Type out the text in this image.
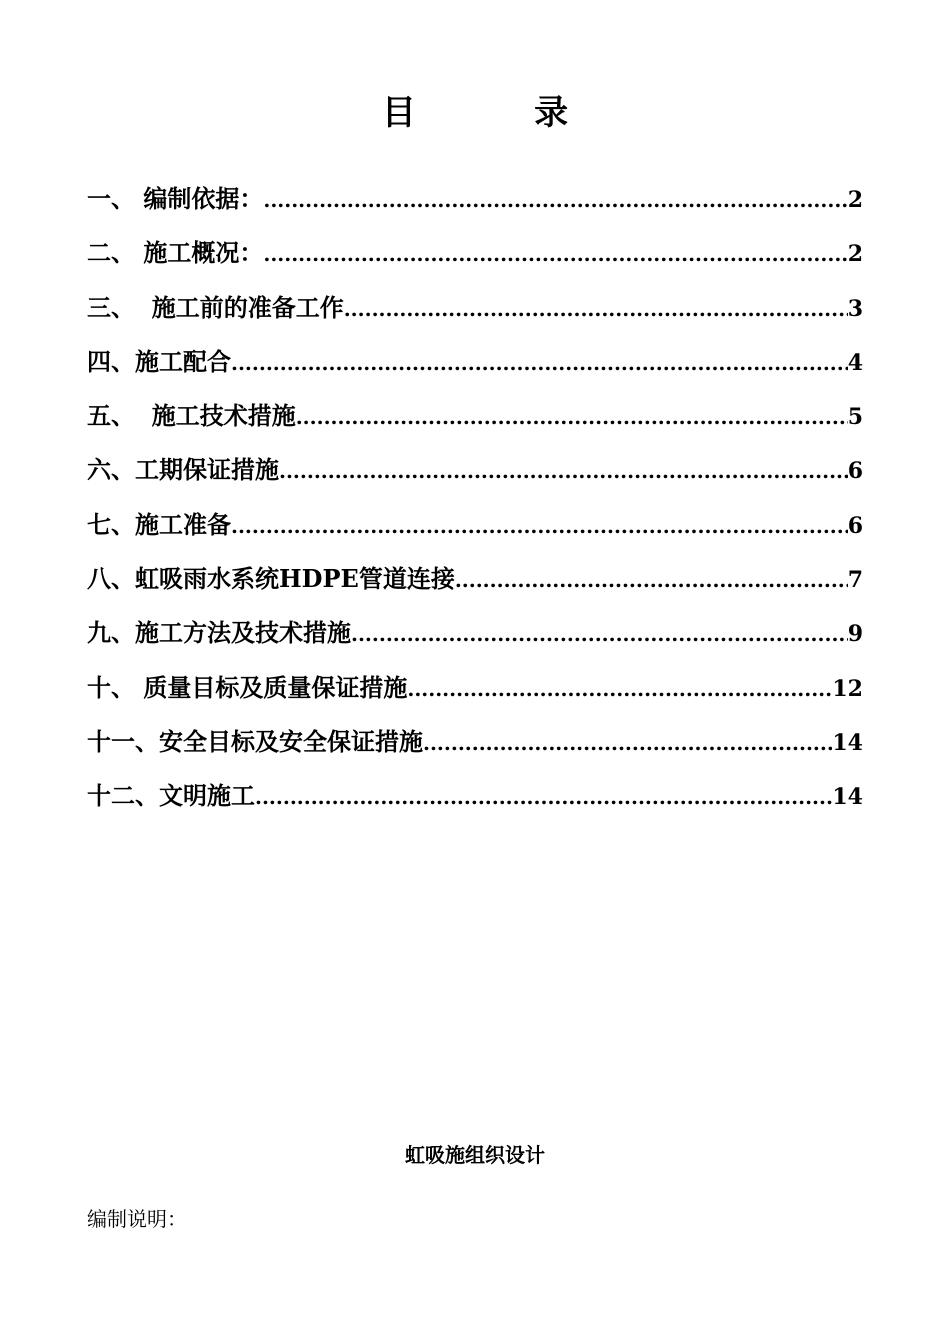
目          录
一、 编制依据： .....	2
二、 施工概况： .....	2
三、  施工前的准备工作 .....	3
四、施工配合 .....	4
五、  施工技术措施 .....	5
六、工期保证措施 .....	6
七、施工准备 .....	6
八、虹吸雨水系统HDPE管道连接 .....	7
九、施工方法及技术措施 .....	9
十、 质量目标及质量保证措施 .....	12
十一、安全目标及安全保证措施 .....	14
十二、文明施工 .....	14
虹吸施组织设计
编制说明：
